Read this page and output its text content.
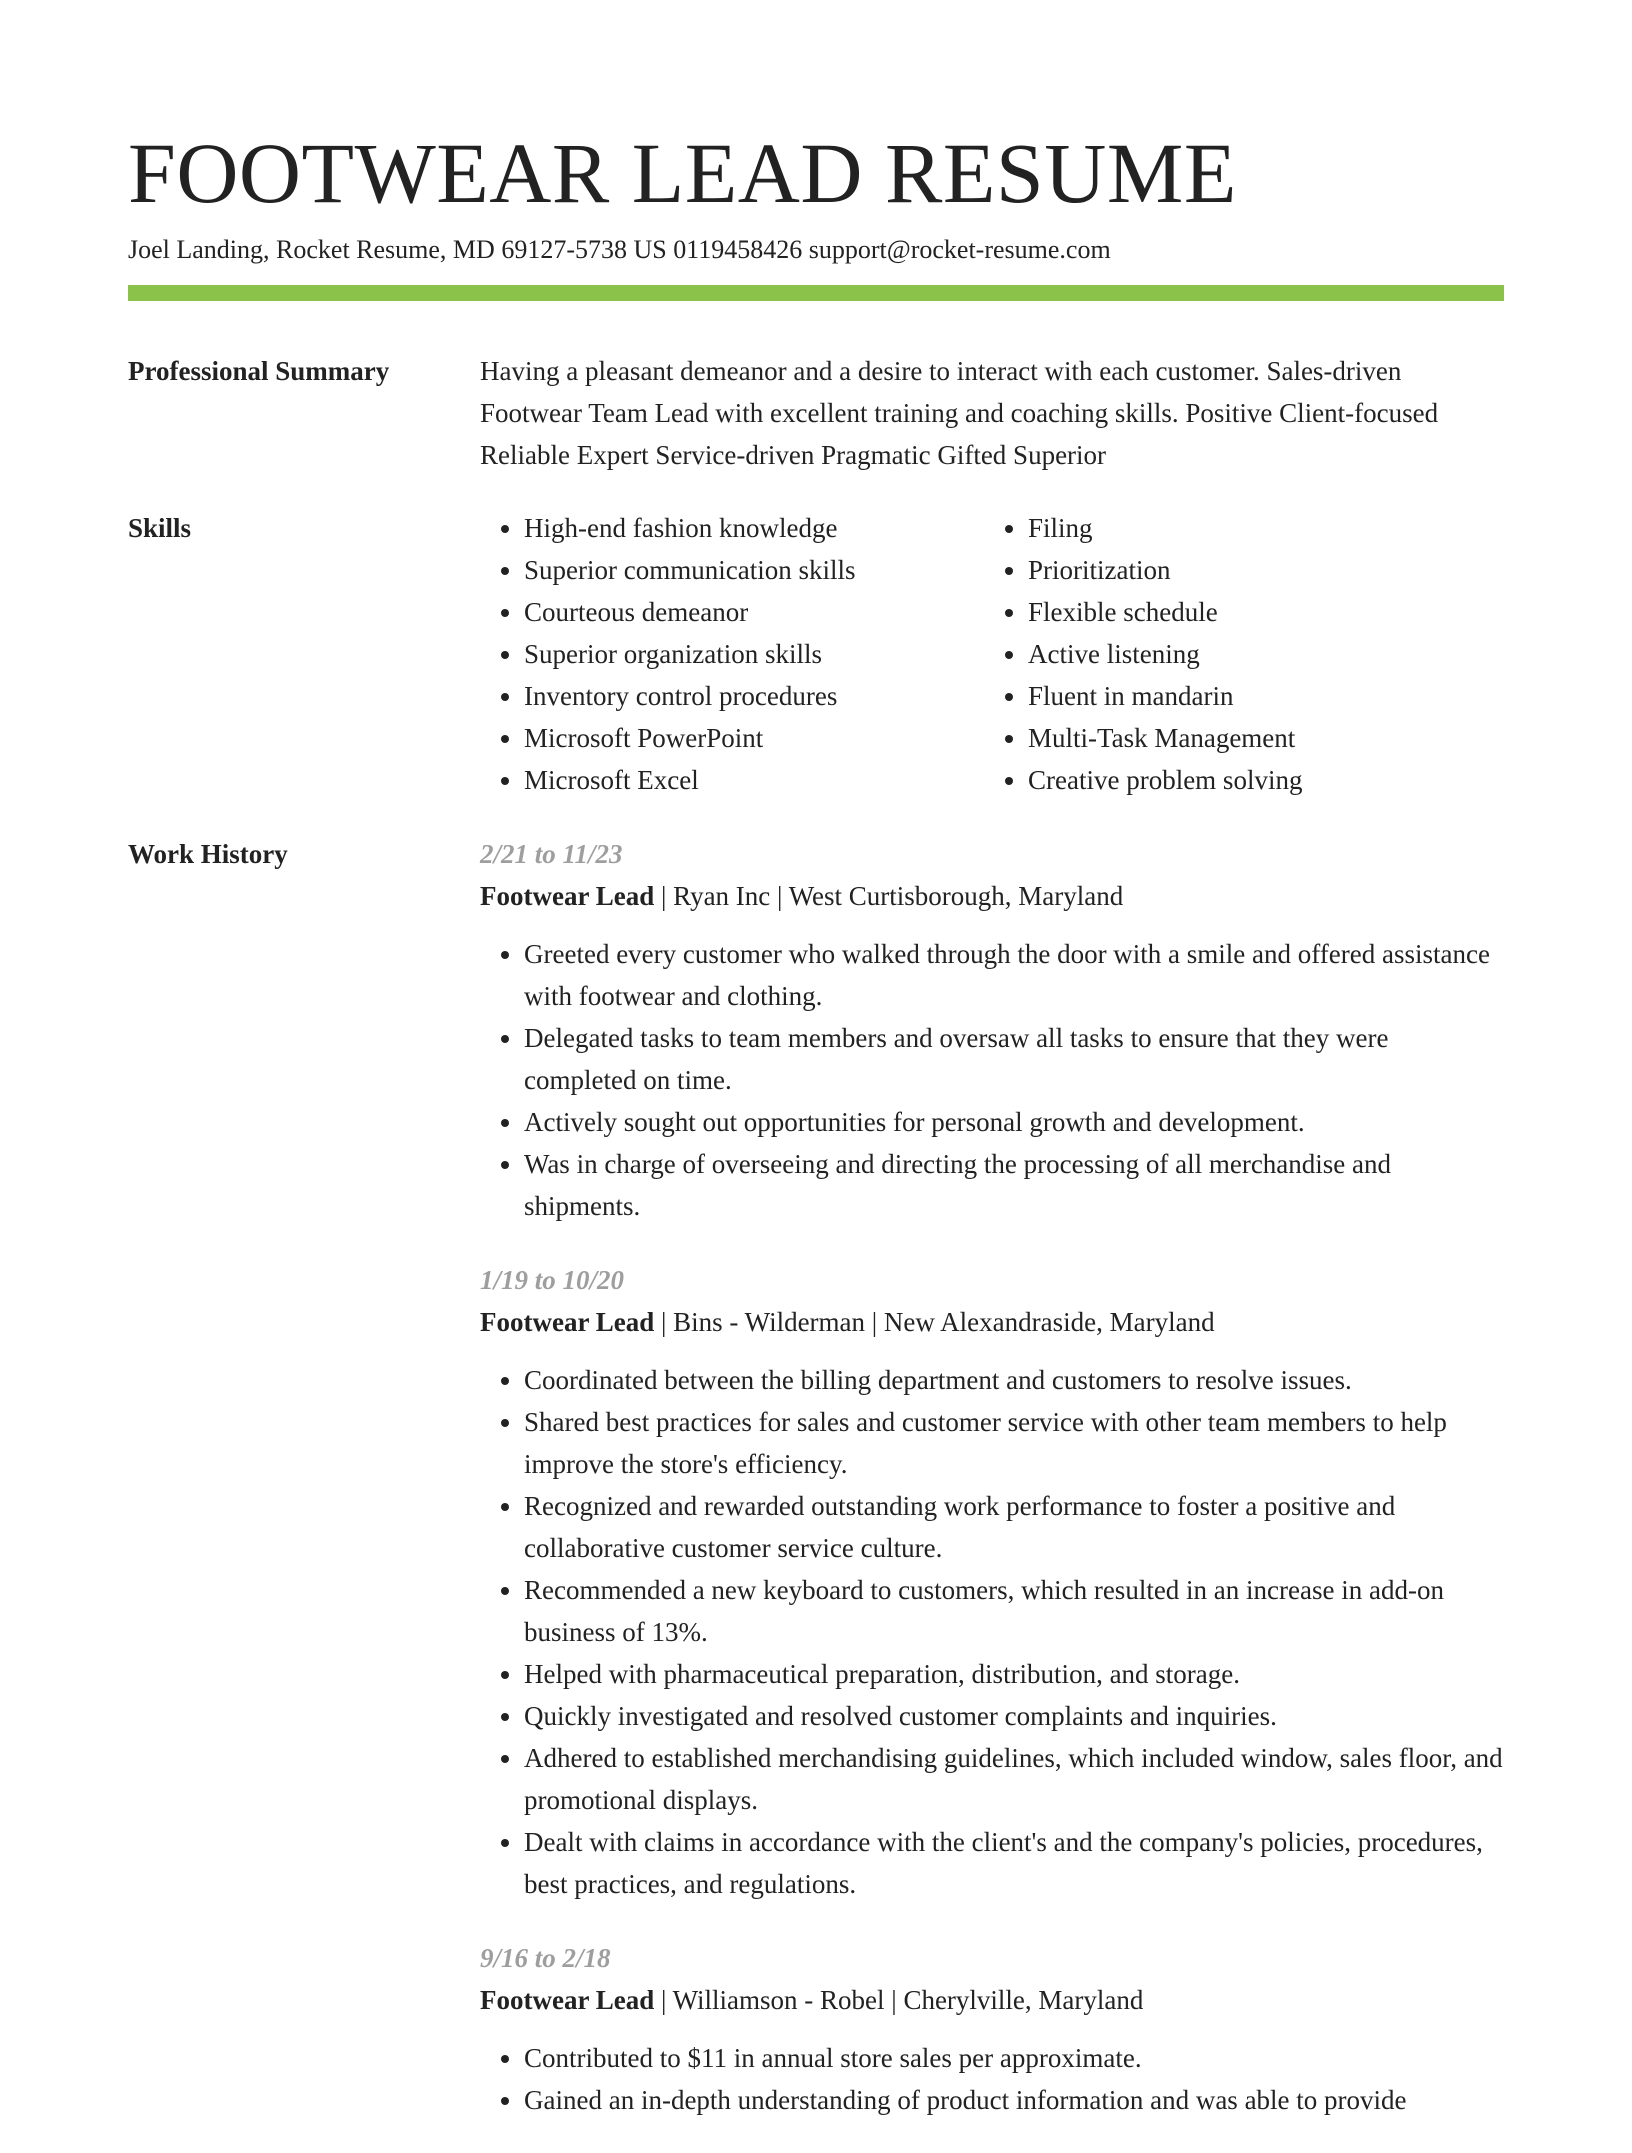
FOOTWEAR LEAD RESUME
Joel Landing, Rocket Resume, MD 69127-5738 US 0119458426 support@rocket-resume.com
Professional Summary	Having a pleasant demeanor and a desire to interact with each customer. Sales-driven Footwear Team Lead with excellent training and coaching skills. Positive Client-focused Reliable Expert Service-driven Pragmatic Gifted Superior

Skills
•	High-end fashion knowledge
• Superior communication skills
• Courteous demeanor
• Superior organization skills
• Inventory control procedures
• Microsoft PowerPoint
• Microsoft Excel
• Filing
• Prioritization
• Flexible schedule
• Active listening
• Fluent in mandarin
• Multi-Task Management
• Creative problem solving
Work History	2/21 to 11/23
Footwear Lead | Ryan Inc | West Curtisborough, Maryland
• Greeted every customer who walked through the door with a smile and offered assistance with footwear and clothing.
• Delegated tasks to team members and oversaw all tasks to ensure that they were completed on time.
• Actively sought out opportunities for personal growth and development.
• Was in charge of overseeing and directing the processing of all merchandise and shipments.
1/19 to 10/20
Footwear Lead | Bins - Wilderman | New Alexandraside, Maryland
• Coordinated between the billing department and customers to resolve issues.
• Shared best practices for sales and customer service with other team members to help improve the store's efficiency.
• Recognized and rewarded outstanding work performance to foster a positive and collaborative customer service culture.
• Recommended a new keyboard to customers, which resulted in an increase in add-on business of 13%.
• Helped with pharmaceutical preparation, distribution, and storage.
• Quickly investigated and resolved customer complaints and inquiries.
• Adhered to established merchandising guidelines, which included window, sales floor, and promotional displays.
• Dealt with claims in accordance with the client's and the company's policies, procedures, best practices, and regulations.
9/16 to 2/18
Footwear Lead | Williamson - Robel | Cherylville, Maryland
• Contributed to $11 in annual store sales per approximate.
• Gained an in-depth understanding of product information and was able to provide
